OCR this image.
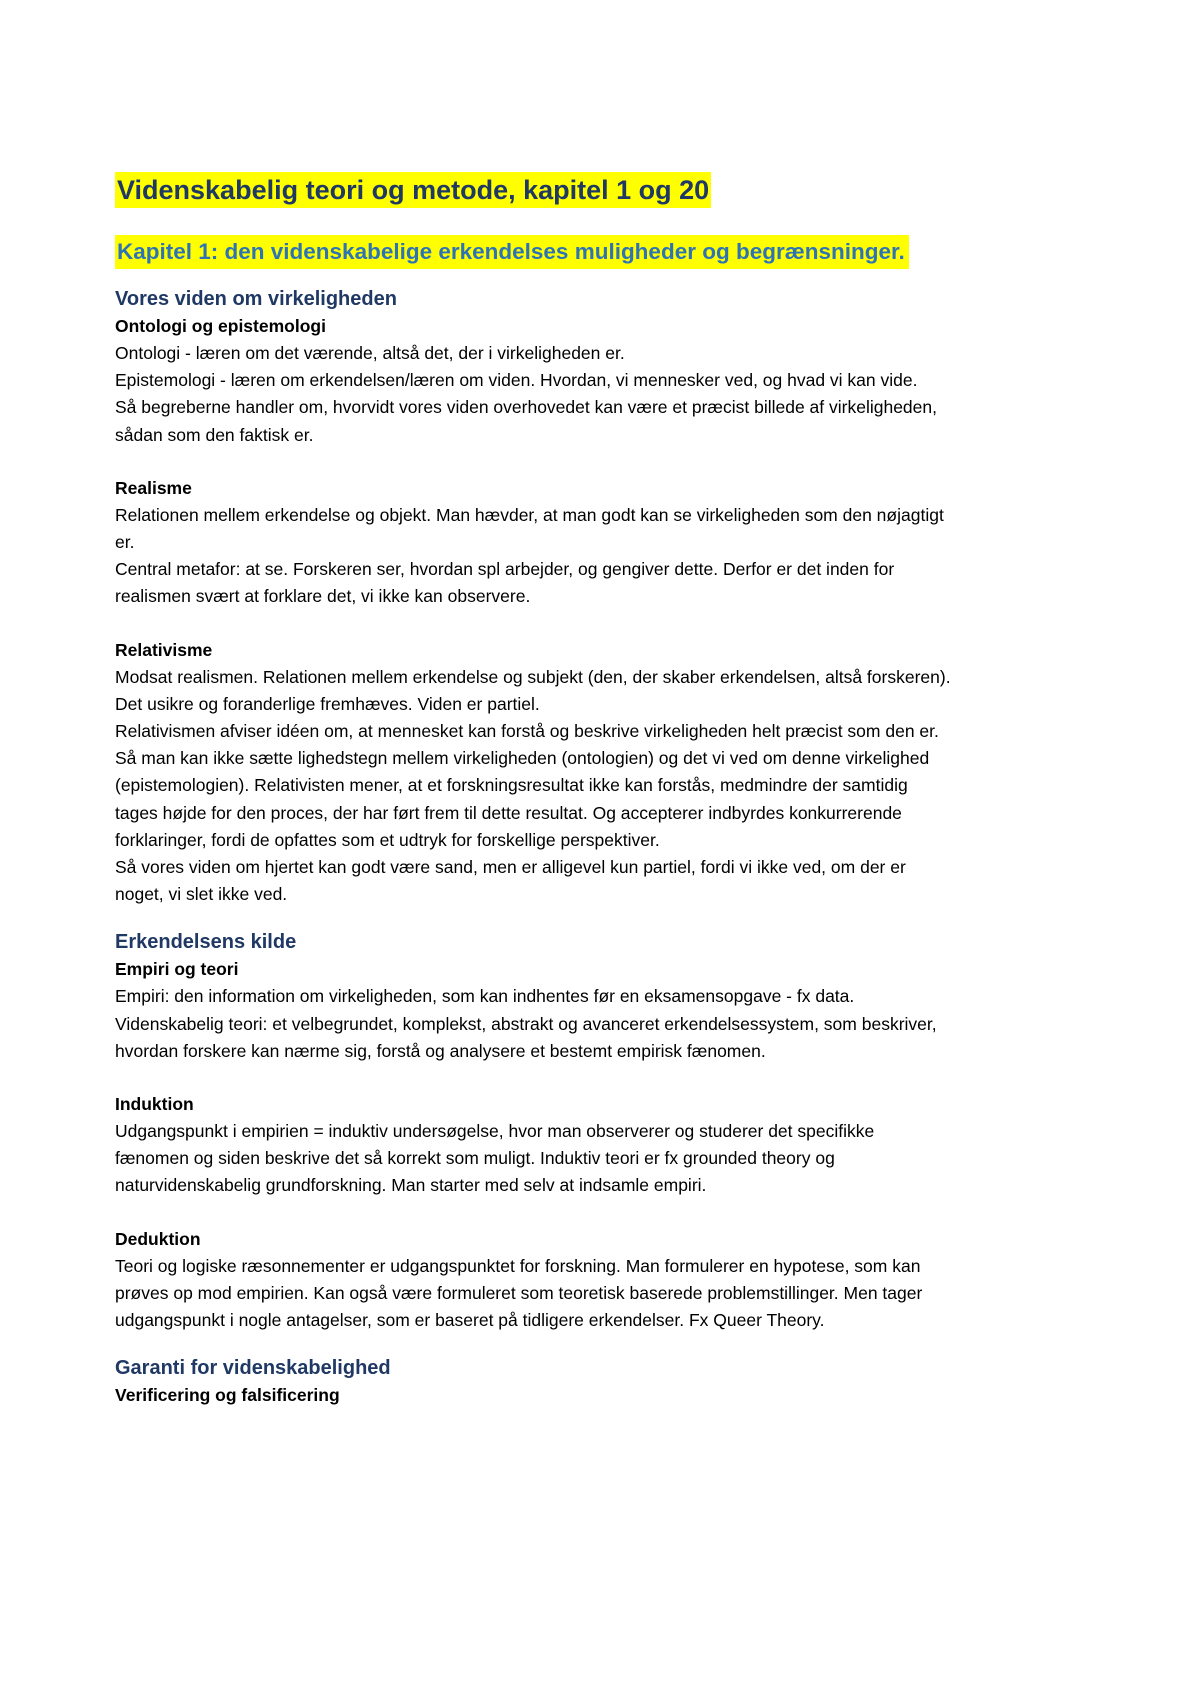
Videnskabelig teori og metode, kapitel 1 og 20
Kapitel 1: den videnskabelige erkendelses muligheder og begrænsninger.
Vores viden om virkeligheden
Ontologi og epistemologi
Ontologi - læren om det værende, altså det, der i virkeligheden er.
Epistemologi - læren om erkendelsen/læren om viden. Hvordan, vi mennesker ved, og hvad vi kan vide.
Så begreberne handler om, hvorvidt vores viden overhovedet kan være et præcist billede af virkeligheden,
sådan som den faktisk er.
Realisme
Relationen mellem erkendelse og objekt. Man hævder, at man godt kan se virkeligheden som den nøjagtigt
er.
Central metafor: at se. Forskeren ser, hvordan spl arbejder, og gengiver dette. Derfor er det inden for
realismen svært at forklare det, vi ikke kan observere.
Relativisme
Modsat realismen. Relationen mellem erkendelse og subjekt (den, der skaber erkendelsen, altså forskeren).
Det usikre og foranderlige fremhæves. Viden er partiel.
Relativismen afviser idéen om, at mennesket kan forstå og beskrive virkeligheden helt præcist som den er.
Så man kan ikke sætte lighedstegn mellem virkeligheden (ontologien) og det vi ved om denne virkelighed
(epistemologien). Relativisten mener, at et forskningsresultat ikke kan forstås, medmindre der samtidig
tages højde for den proces, der har ført frem til dette resultat. Og accepterer indbyrdes konkurrerende
forklaringer, fordi de opfattes som et udtryk for forskellige perspektiver.
Så vores viden om hjertet kan godt være sand, men er alligevel kun partiel, fordi vi ikke ved, om der er
noget, vi slet ikke ved.
Erkendelsens kilde
Empiri og teori
Empiri: den information om virkeligheden, som kan indhentes før en eksamensopgave - fx data.
Videnskabelig teori: et velbegrundet, komplekst, abstrakt og avanceret erkendelsessystem, som beskriver,
hvordan forskere kan nærme sig, forstå og analysere et bestemt empirisk fænomen.
Induktion
Udgangspunkt i empirien = induktiv undersøgelse, hvor man observerer og studerer det specifikke
fænomen og siden beskrive det så korrekt som muligt. Induktiv teori er fx grounded theory og
naturvidenskabelig grundforskning. Man starter med selv at indsamle empiri.
Deduktion
Teori og logiske ræsonnementer er udgangspunktet for forskning. Man formulerer en hypotese, som kan
prøves op mod empirien. Kan også være formuleret som teoretisk baserede problemstillinger. Men tager
udgangspunkt i nogle antagelser, som er baseret på tidligere erkendelser. Fx Queer Theory.
Garanti for videnskabelighed
Verificering og falsificering
